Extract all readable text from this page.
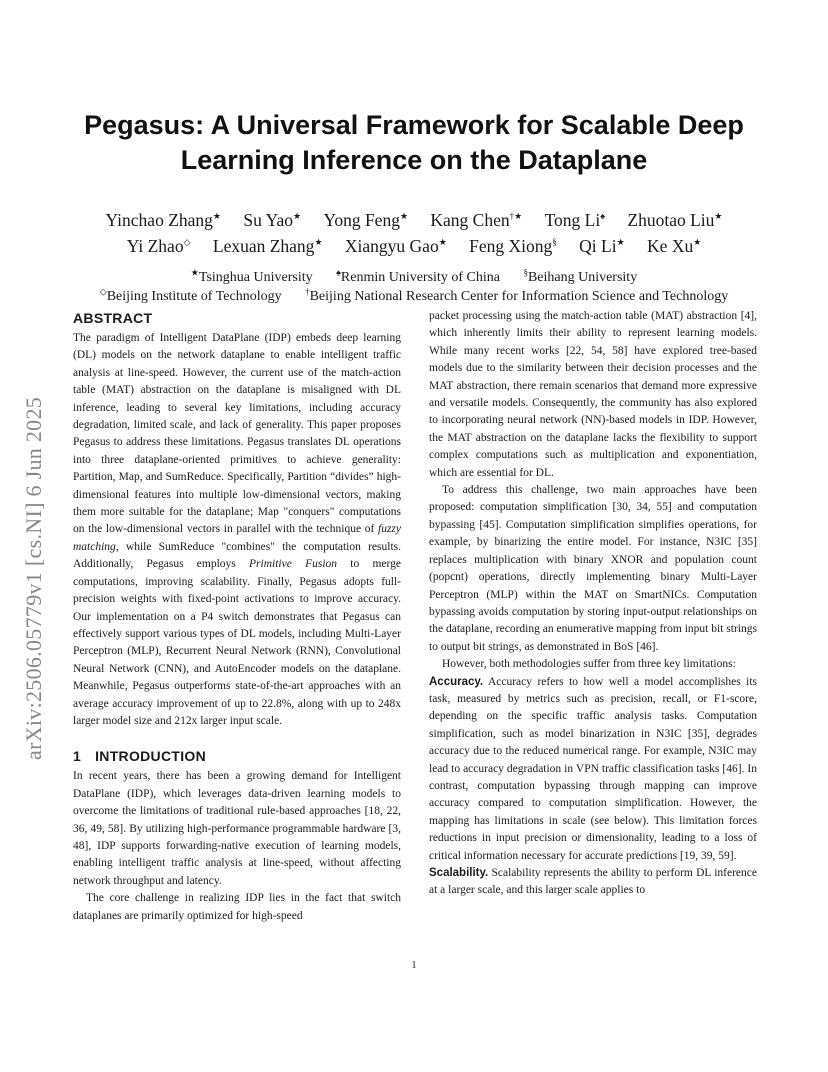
Pegasus: A Universal Framework for Scalable Deep
Learning Inference on the Dataplane
Yinchao Zhang★ Su Yao★ Yong Feng★ Kang Chen†★ Tong Li♠ Zhuotao Liu★
Yi Zhao◇ Lexuan Zhang★ Xiangyu Gao★ Feng Xiong§ Qi Li★ Ke Xu★
★Tsinghua University	♠Renmin University of China	§Beihang University
◇Beijing Institute of Technology	†Beijing National Research Center for Information Science and Technology
arXiv:2506.05779v1 [cs.NI] 6 Jun 2025
ABSTRACT

The paradigm of Intelligent DataPlane (IDP) embeds deep learning (DL) models on the network dataplane to enable intelligent traffic analysis at line-speed. However, the current use of the match-action table (MAT) abstraction on the dataplane is misaligned with DL inference, leading to several key limitations, including accuracy degradation, limited scale, and lack of generality. This paper proposes Pegasus to address these limitations. Pegasus translates DL operations into three dataplane-oriented primitives to achieve generality: Partition, Map, and SumReduce. Specifically, Partition “divides” high-dimensional features into multiple low-dimensional vectors, making them more suitable for the dataplane; Map "conquers" computations on the low-dimensional vectors in parallel with the technique of fuzzy matching, while SumReduce "combines" the computation results. Additionally, Pegasus employs Primitive Fusion to merge computations, improving scalability. Finally, Pegasus adopts full-precision weights with fixed-point activations to improve accuracy. Our implementation on a P4 switch demonstrates that Pegasus can effectively support various types of DL models, including Multi-Layer Perceptron (MLP), Recurrent Neural Network (RNN), Convolutional Neural Network (CNN), and AutoEncoder models on the dataplane. Meanwhile, Pegasus outperforms state-of-the-art approaches with an average accuracy improvement of up to 22.8%, along with up to 248x larger model size and 212x larger input scale.

1 INTRODUCTION

In recent years, there has been a growing demand for Intelligent DataPlane (IDP), which leverages data-driven learning models to overcome the limitations of traditional rule-based approaches [18, 22, 36, 49, 58]. By utilizing high-performance programmable hardware [3, 48], IDP supports forwarding-native execution of learning models, enabling intelligent traffic analysis at line-speed, without affecting network throughput and latency.

The core challenge in realizing IDP lies in the fact that switch dataplanes are primarily optimized for high-speed

packet processing using the match-action table (MAT) abstraction [4], which inherently limits their ability to represent learning models. While many recent works [22, 54, 58] have explored tree-based models due to the similarity between their decision processes and the MAT abstraction, there remain scenarios that demand more expressive and versatile models. Consequently, the community has also explored to incorporating neural network (NN)-based models in IDP. However, the MAT abstraction on the dataplane lacks the flexibility to support complex computations such as multiplication and exponentiation, which are essential for DL.

To address this challenge, two main approaches have been proposed: computation simplification [30, 34, 55] and computation bypassing [45]. Computation simplification simplifies operations, for example, by binarizing the entire model. For instance, N3IC [35] replaces multiplication with binary XNOR and population count (popcnt) operations, directly implementing binary Multi-Layer Perceptron (MLP) within the MAT on SmartNICs. Computation bypassing avoids computation by storing input-output relationships on the dataplane, recording an enumerative mapping from input bit strings to output bit strings, as demonstrated in BoS [46].

However, both methodologies suffer from three key limitations:

Accuracy. Accuracy refers to how well a model accomplishes its task, measured by metrics such as precision, recall, or F1-score, depending on the specific traffic analysis tasks. Computation simplification, such as model binarization in N3IC [35], degrades accuracy due to the reduced numerical range. For example, N3IC may lead to accuracy degradation in VPN traffic classification tasks [46]. In contrast, computation bypassing through mapping can improve accuracy compared to computation simplification. However, the mapping has limitations in scale (see below). This limitation forces reductions in input precision or dimensionality, leading to a loss of critical information necessary for accurate predictions [19, 39, 59].

Scalability. Scalability represents the ability to perform DL inference at a larger scale, and this larger scale applies to

1
